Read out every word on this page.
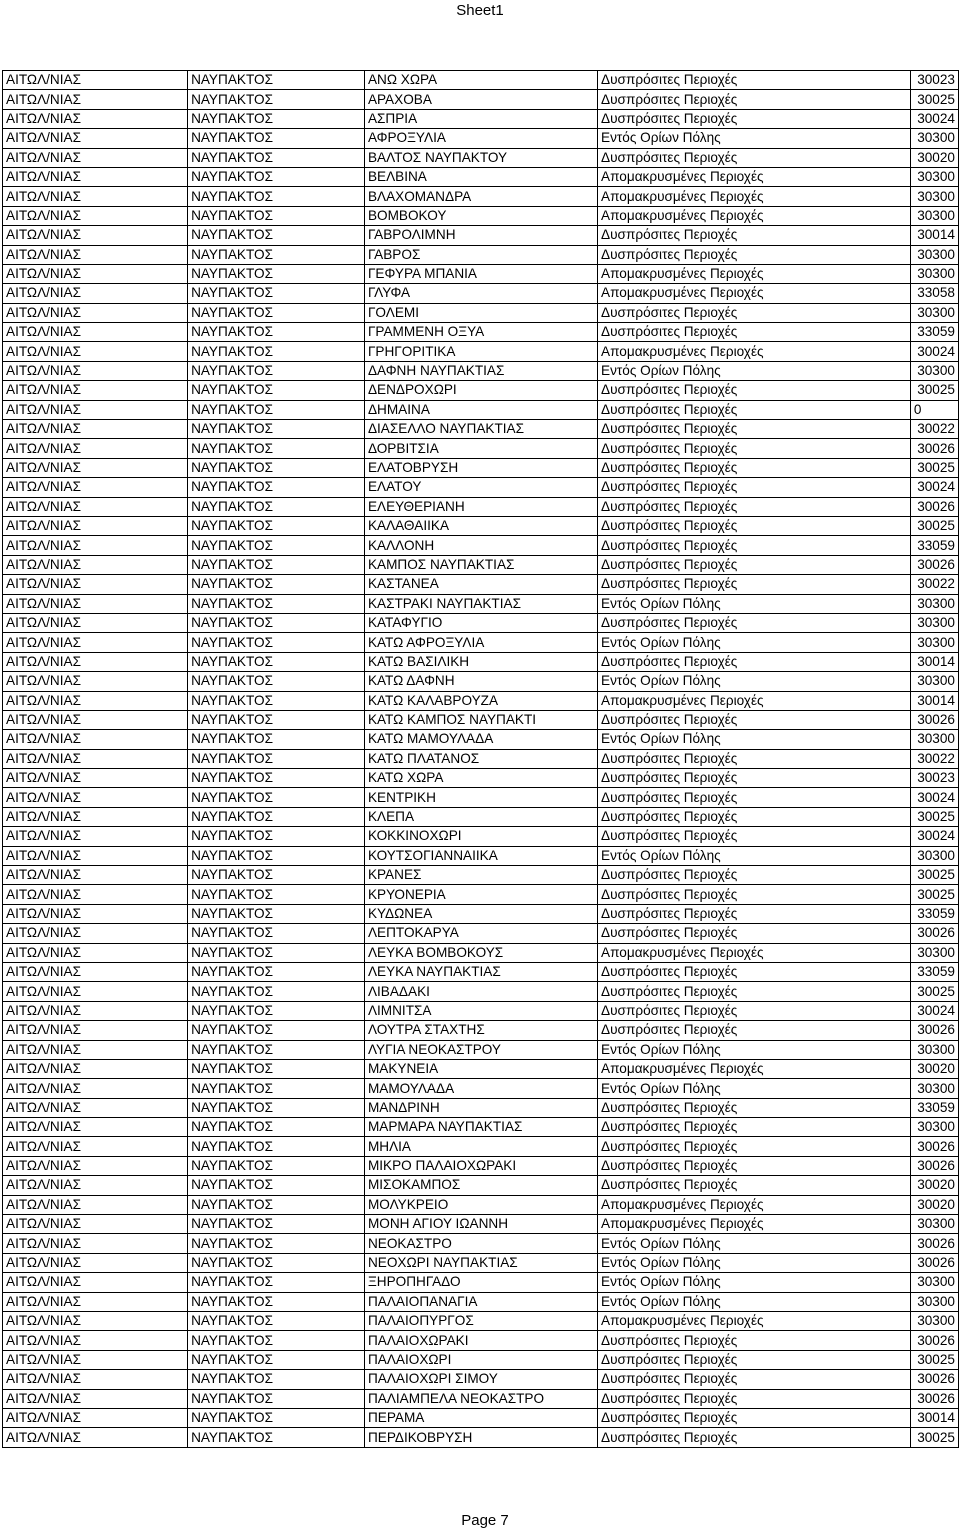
Sheet1
ΑΙΤΩΛ/ΝΙΑΣ	ΝΑΥΠΑΚΤΟΣ	ΑΝΩ ΧΩΡΑ	Δυσπρόσιτες Περιοχές	30023
ΑΙΤΩΛ/ΝΙΑΣ	ΝΑΥΠΑΚΤΟΣ	ΑΡΑΧΟΒΑ	Δυσπρόσιτες Περιοχές	30025
ΑΙΤΩΛ/ΝΙΑΣ	ΝΑΥΠΑΚΤΟΣ	ΑΣΠΡΙΑ	Δυσπρόσιτες Περιοχές	30024
ΑΙΤΩΛ/ΝΙΑΣ	ΝΑΥΠΑΚΤΟΣ	ΑΦΡΟΞΥΛΙΑ	Εντός Ορίων Πόλης	30300
ΑΙΤΩΛ/ΝΙΑΣ	ΝΑΥΠΑΚΤΟΣ	ΒΑΛΤΟΣ ΝΑΥΠΑΚΤΟΥ	Δυσπρόσιτες Περιοχές	30020
ΑΙΤΩΛ/ΝΙΑΣ	ΝΑΥΠΑΚΤΟΣ	ΒΕΛΒΙΝΑ	Απομακρυσμένες Περιοχές	30300
ΑΙΤΩΛ/ΝΙΑΣ	ΝΑΥΠΑΚΤΟΣ	ΒΛΑΧΟΜΑΝΔΡΑ	Απομακρυσμένες Περιοχές	30300
ΑΙΤΩΛ/ΝΙΑΣ	ΝΑΥΠΑΚΤΟΣ	ΒΟΜΒΟΚΟΥ	Απομακρυσμένες Περιοχές	30300
ΑΙΤΩΛ/ΝΙΑΣ	ΝΑΥΠΑΚΤΟΣ	ΓΑΒΡΟΛΙΜΝΗ	Δυσπρόσιτες Περιοχές	30014
ΑΙΤΩΛ/ΝΙΑΣ	ΝΑΥΠΑΚΤΟΣ	ΓΑΒΡΟΣ	Δυσπρόσιτες Περιοχές	30300
ΑΙΤΩΛ/ΝΙΑΣ	ΝΑΥΠΑΚΤΟΣ	ΓΕΦΥΡΑ ΜΠΑΝΙΑ	Απομακρυσμένες Περιοχές	30300
ΑΙΤΩΛ/ΝΙΑΣ	ΝΑΥΠΑΚΤΟΣ	ΓΛΥΦΑ	Απομακρυσμένες Περιοχές	33058
ΑΙΤΩΛ/ΝΙΑΣ	ΝΑΥΠΑΚΤΟΣ	ΓΟΛΕΜΙ	Δυσπρόσιτες Περιοχές	30300
ΑΙΤΩΛ/ΝΙΑΣ	ΝΑΥΠΑΚΤΟΣ	ΓΡΑΜΜΕΝΗ ΟΞΥΑ	Δυσπρόσιτες Περιοχές	33059
ΑΙΤΩΛ/ΝΙΑΣ	ΝΑΥΠΑΚΤΟΣ	ΓΡΗΓΟΡΙΤΙΚΑ	Απομακρυσμένες Περιοχές	30024
ΑΙΤΩΛ/ΝΙΑΣ	ΝΑΥΠΑΚΤΟΣ	ΔΑΦΝΗ ΝΑΥΠΑΚΤΙΑΣ	Εντός Ορίων Πόλης	30300
ΑΙΤΩΛ/ΝΙΑΣ	ΝΑΥΠΑΚΤΟΣ	ΔΕΝΔΡΟΧΩΡΙ	Δυσπρόσιτες Περιοχές	30025
ΑΙΤΩΛ/ΝΙΑΣ	ΝΑΥΠΑΚΤΟΣ	ΔΗΜΑΙΝΑ	Δυσπρόσιτες Περιοχές	0
ΑΙΤΩΛ/ΝΙΑΣ	ΝΑΥΠΑΚΤΟΣ	ΔΙΑΣΕΛΛΟ ΝΑΥΠΑΚΤΙΑΣ	Δυσπρόσιτες Περιοχές	30022
ΑΙΤΩΛ/ΝΙΑΣ	ΝΑΥΠΑΚΤΟΣ	ΔΟΡΒΙΤΣΙΑ	Δυσπρόσιτες Περιοχές	30026
ΑΙΤΩΛ/ΝΙΑΣ	ΝΑΥΠΑΚΤΟΣ	ΕΛΑΤΟΒΡΥΣΗ	Δυσπρόσιτες Περιοχές	30025
ΑΙΤΩΛ/ΝΙΑΣ	ΝΑΥΠΑΚΤΟΣ	ΕΛΑΤΟΥ	Δυσπρόσιτες Περιοχές	30024
ΑΙΤΩΛ/ΝΙΑΣ	ΝΑΥΠΑΚΤΟΣ	ΕΛΕΥΘΕΡΙΑΝΗ	Δυσπρόσιτες Περιοχές	30026
ΑΙΤΩΛ/ΝΙΑΣ	ΝΑΥΠΑΚΤΟΣ	ΚΑΛΑΘΑΙΙΚΑ	Δυσπρόσιτες Περιοχές	30025
ΑΙΤΩΛ/ΝΙΑΣ	ΝΑΥΠΑΚΤΟΣ	ΚΑΛΛΟΝΗ	Δυσπρόσιτες Περιοχές	33059
ΑΙΤΩΛ/ΝΙΑΣ	ΝΑΥΠΑΚΤΟΣ	ΚΑΜΠΟΣ ΝΑΥΠΑΚΤΙΑΣ	Δυσπρόσιτες Περιοχές	30026
ΑΙΤΩΛ/ΝΙΑΣ	ΝΑΥΠΑΚΤΟΣ	ΚΑΣΤΑΝΕΑ	Δυσπρόσιτες Περιοχές	30022
ΑΙΤΩΛ/ΝΙΑΣ	ΝΑΥΠΑΚΤΟΣ	ΚΑΣΤΡΑΚΙ ΝΑΥΠΑΚΤΙΑΣ	Εντός Ορίων Πόλης	30300
ΑΙΤΩΛ/ΝΙΑΣ	ΝΑΥΠΑΚΤΟΣ	ΚΑΤΑΦΥΓΙΟ	Δυσπρόσιτες Περιοχές	30300
ΑΙΤΩΛ/ΝΙΑΣ	ΝΑΥΠΑΚΤΟΣ	ΚΑΤΩ ΑΦΡΟΞΥΛΙΑ	Εντός Ορίων Πόλης	30300
ΑΙΤΩΛ/ΝΙΑΣ	ΝΑΥΠΑΚΤΟΣ	ΚΑΤΩ ΒΑΣΙΛΙΚΗ	Δυσπρόσιτες Περιοχές	30014
ΑΙΤΩΛ/ΝΙΑΣ	ΝΑΥΠΑΚΤΟΣ	ΚΑΤΩ ΔΑΦΝΗ	Εντός Ορίων Πόλης	30300
ΑΙΤΩΛ/ΝΙΑΣ	ΝΑΥΠΑΚΤΟΣ	ΚΑΤΩ ΚΑΛΑΒΡΟΥΖΑ	Απομακρυσμένες Περιοχές	30014
ΑΙΤΩΛ/ΝΙΑΣ	ΝΑΥΠΑΚΤΟΣ	ΚΑΤΩ ΚΑΜΠΟΣ ΝΑΥΠΑΚΤΙ	Δυσπρόσιτες Περιοχές	30026
ΑΙΤΩΛ/ΝΙΑΣ	ΝΑΥΠΑΚΤΟΣ	ΚΑΤΩ ΜΑΜΟΥΛΑΔΑ	Εντός Ορίων Πόλης	30300
ΑΙΤΩΛ/ΝΙΑΣ	ΝΑΥΠΑΚΤΟΣ	ΚΑΤΩ ΠΛΑΤΑΝΟΣ	Δυσπρόσιτες Περιοχές	30022
ΑΙΤΩΛ/ΝΙΑΣ	ΝΑΥΠΑΚΤΟΣ	ΚΑΤΩ ΧΩΡΑ	Δυσπρόσιτες Περιοχές	30023
ΑΙΤΩΛ/ΝΙΑΣ	ΝΑΥΠΑΚΤΟΣ	ΚΕΝΤΡΙΚΗ	Δυσπρόσιτες Περιοχές	30024
ΑΙΤΩΛ/ΝΙΑΣ	ΝΑΥΠΑΚΤΟΣ	ΚΛΕΠΑ	Δυσπρόσιτες Περιοχές	30025
ΑΙΤΩΛ/ΝΙΑΣ	ΝΑΥΠΑΚΤΟΣ	ΚΟΚΚΙΝΟΧΩΡΙ	Δυσπρόσιτες Περιοχές	30024
ΑΙΤΩΛ/ΝΙΑΣ	ΝΑΥΠΑΚΤΟΣ	ΚΟΥΤΣΟΓΙΑΝΝΑΙΙΚΑ	Εντός Ορίων Πόλης	30300
ΑΙΤΩΛ/ΝΙΑΣ	ΝΑΥΠΑΚΤΟΣ	ΚΡΑΝΕΣ	Δυσπρόσιτες Περιοχές	30025
ΑΙΤΩΛ/ΝΙΑΣ	ΝΑΥΠΑΚΤΟΣ	ΚΡΥΟΝΕΡΙΑ	Δυσπρόσιτες Περιοχές	30025
ΑΙΤΩΛ/ΝΙΑΣ	ΝΑΥΠΑΚΤΟΣ	ΚΥΔΩΝΕΑ	Δυσπρόσιτες Περιοχές	33059
ΑΙΤΩΛ/ΝΙΑΣ	ΝΑΥΠΑΚΤΟΣ	ΛΕΠΤΟΚΑΡΥΑ	Δυσπρόσιτες Περιοχές	30026
ΑΙΤΩΛ/ΝΙΑΣ	ΝΑΥΠΑΚΤΟΣ	ΛΕΥΚΑ ΒΟΜΒΟΚΟΥΣ	Απομακρυσμένες Περιοχές	30300
ΑΙΤΩΛ/ΝΙΑΣ	ΝΑΥΠΑΚΤΟΣ	ΛΕΥΚΑ ΝΑΥΠΑΚΤΙΑΣ	Δυσπρόσιτες Περιοχές	33059
ΑΙΤΩΛ/ΝΙΑΣ	ΝΑΥΠΑΚΤΟΣ	ΛΙΒΑΔΑΚΙ	Δυσπρόσιτες Περιοχές	30025
ΑΙΤΩΛ/ΝΙΑΣ	ΝΑΥΠΑΚΤΟΣ	ΛΙΜΝΙΤΣΑ	Δυσπρόσιτες Περιοχές	30024
ΑΙΤΩΛ/ΝΙΑΣ	ΝΑΥΠΑΚΤΟΣ	ΛΟΥΤΡΑ ΣΤΑΧΤΗΣ	Δυσπρόσιτες Περιοχές	30026
ΑΙΤΩΛ/ΝΙΑΣ	ΝΑΥΠΑΚΤΟΣ	ΛΥΓΙΑ ΝΕΟΚΑΣΤΡΟΥ	Εντός Ορίων Πόλης	30300
ΑΙΤΩΛ/ΝΙΑΣ	ΝΑΥΠΑΚΤΟΣ	ΜΑΚΥΝΕΙΑ	Απομακρυσμένες Περιοχές	30020
ΑΙΤΩΛ/ΝΙΑΣ	ΝΑΥΠΑΚΤΟΣ	ΜΑΜΟΥΛΑΔΑ	Εντός Ορίων Πόλης	30300
ΑΙΤΩΛ/ΝΙΑΣ	ΝΑΥΠΑΚΤΟΣ	ΜΑΝΔΡΙΝΗ	Δυσπρόσιτες Περιοχές	33059
ΑΙΤΩΛ/ΝΙΑΣ	ΝΑΥΠΑΚΤΟΣ	ΜΑΡΜΑΡΑ ΝΑΥΠΑΚΤΙΑΣ	Δυσπρόσιτες Περιοχές	30300
ΑΙΤΩΛ/ΝΙΑΣ	ΝΑΥΠΑΚΤΟΣ	ΜΗΛΙΑ	Δυσπρόσιτες Περιοχές	30026
ΑΙΤΩΛ/ΝΙΑΣ	ΝΑΥΠΑΚΤΟΣ	ΜΙΚΡΟ ΠΑΛΑΙΟΧΩΡΑΚΙ	Δυσπρόσιτες Περιοχές	30026
ΑΙΤΩΛ/ΝΙΑΣ	ΝΑΥΠΑΚΤΟΣ	ΜΙΣΟΚΑΜΠΟΣ	Δυσπρόσιτες Περιοχές	30020
ΑΙΤΩΛ/ΝΙΑΣ	ΝΑΥΠΑΚΤΟΣ	ΜΟΛΥΚΡΕΙΟ	Απομακρυσμένες Περιοχές	30020
ΑΙΤΩΛ/ΝΙΑΣ	ΝΑΥΠΑΚΤΟΣ	ΜΟΝΗ ΑΓΙΟΥ ΙΩΑΝΝΗ	Απομακρυσμένες Περιοχές	30300
ΑΙΤΩΛ/ΝΙΑΣ	ΝΑΥΠΑΚΤΟΣ	ΝΕΟΚΑΣΤΡΟ	Εντός Ορίων Πόλης	30026
ΑΙΤΩΛ/ΝΙΑΣ	ΝΑΥΠΑΚΤΟΣ	ΝΕΟΧΩΡΙ ΝΑΥΠΑΚΤΙΑΣ	Εντός Ορίων Πόλης	30026
ΑΙΤΩΛ/ΝΙΑΣ	ΝΑΥΠΑΚΤΟΣ	ΞΗΡΟΠΗΓΑΔΟ	Εντός Ορίων Πόλης	30300
ΑΙΤΩΛ/ΝΙΑΣ	ΝΑΥΠΑΚΤΟΣ	ΠΑΛΑΙΟΠΑΝΑΓΙΑ	Εντός Ορίων Πόλης	30300
ΑΙΤΩΛ/ΝΙΑΣ	ΝΑΥΠΑΚΤΟΣ	ΠΑΛΑΙΟΠΥΡΓΟΣ	Απομακρυσμένες Περιοχές	30300
ΑΙΤΩΛ/ΝΙΑΣ	ΝΑΥΠΑΚΤΟΣ	ΠΑΛΑΙΟΧΩΡΑΚΙ	Δυσπρόσιτες Περιοχές	30026
ΑΙΤΩΛ/ΝΙΑΣ	ΝΑΥΠΑΚΤΟΣ	ΠΑΛΑΙΟΧΩΡΙ	Δυσπρόσιτες Περιοχές	30025
ΑΙΤΩΛ/ΝΙΑΣ	ΝΑΥΠΑΚΤΟΣ	ΠΑΛΑΙΟΧΩΡΙ ΣΙΜΟΥ	Δυσπρόσιτες Περιοχές	30026
ΑΙΤΩΛ/ΝΙΑΣ	ΝΑΥΠΑΚΤΟΣ	ΠΑΛΙΑΜΠΕΛΑ ΝΕΟΚΑΣΤΡΟ	Δυσπρόσιτες Περιοχές	30026
ΑΙΤΩΛ/ΝΙΑΣ	ΝΑΥΠΑΚΤΟΣ	ΠΕΡΑΜΑ	Δυσπρόσιτες Περιοχές	30014
ΑΙΤΩΛ/ΝΙΑΣ	ΝΑΥΠΑΚΤΟΣ	ΠΕΡΔΙΚΟΒΡΥΣΗ	Δυσπρόσιτες Περιοχές	30025
Page 7
